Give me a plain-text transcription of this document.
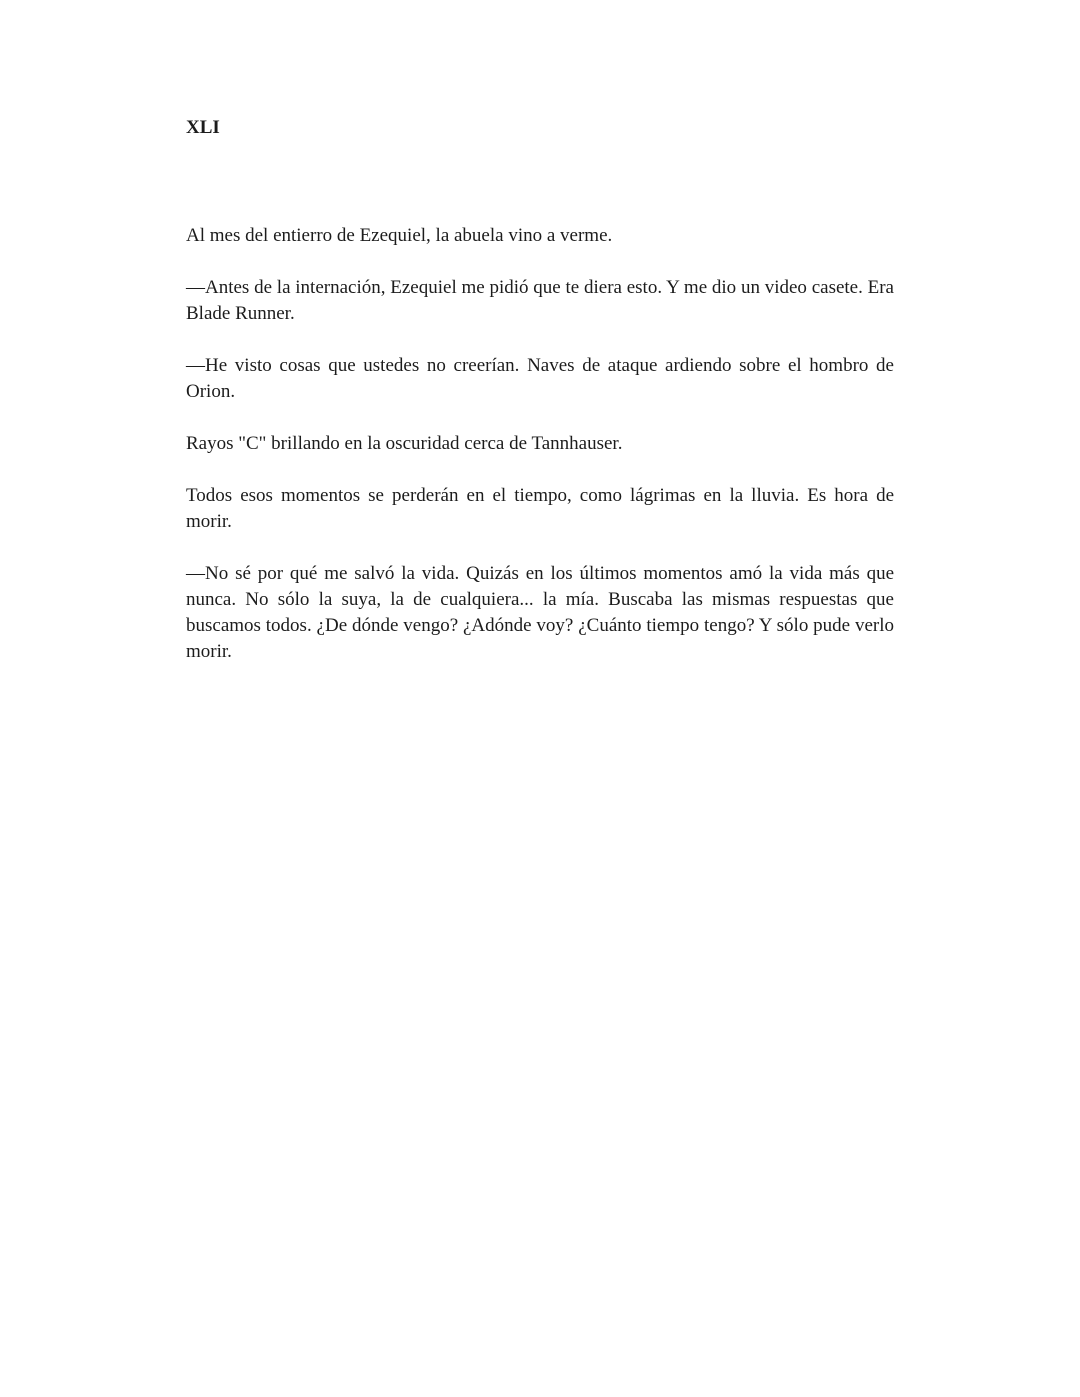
XLI

Al mes del entierro de Ezequiel, la abuela vino a verme.

—Antes de la internación, Ezequiel me pidió que te diera esto. Y me dio un video casete. Era Blade Runner.

—He visto cosas que ustedes no creerían. Naves de ataque ardiendo sobre el hombro de Orion.

Rayos "C" brillando en la oscuridad cerca de Tannhauser.

Todos esos momentos se perderán en el tiempo, como lágrimas en la lluvia. Es hora de morir.

—No sé por qué me salvó la vida. Quizás en los últimos momentos amó la vida más que nunca. No sólo la suya, la de cualquiera... la mía. Buscaba las mismas respuestas que buscamos todos. ¿De dónde vengo? ¿Adónde voy? ¿Cuánto tiempo tengo? Y sólo pude verlo morir.
